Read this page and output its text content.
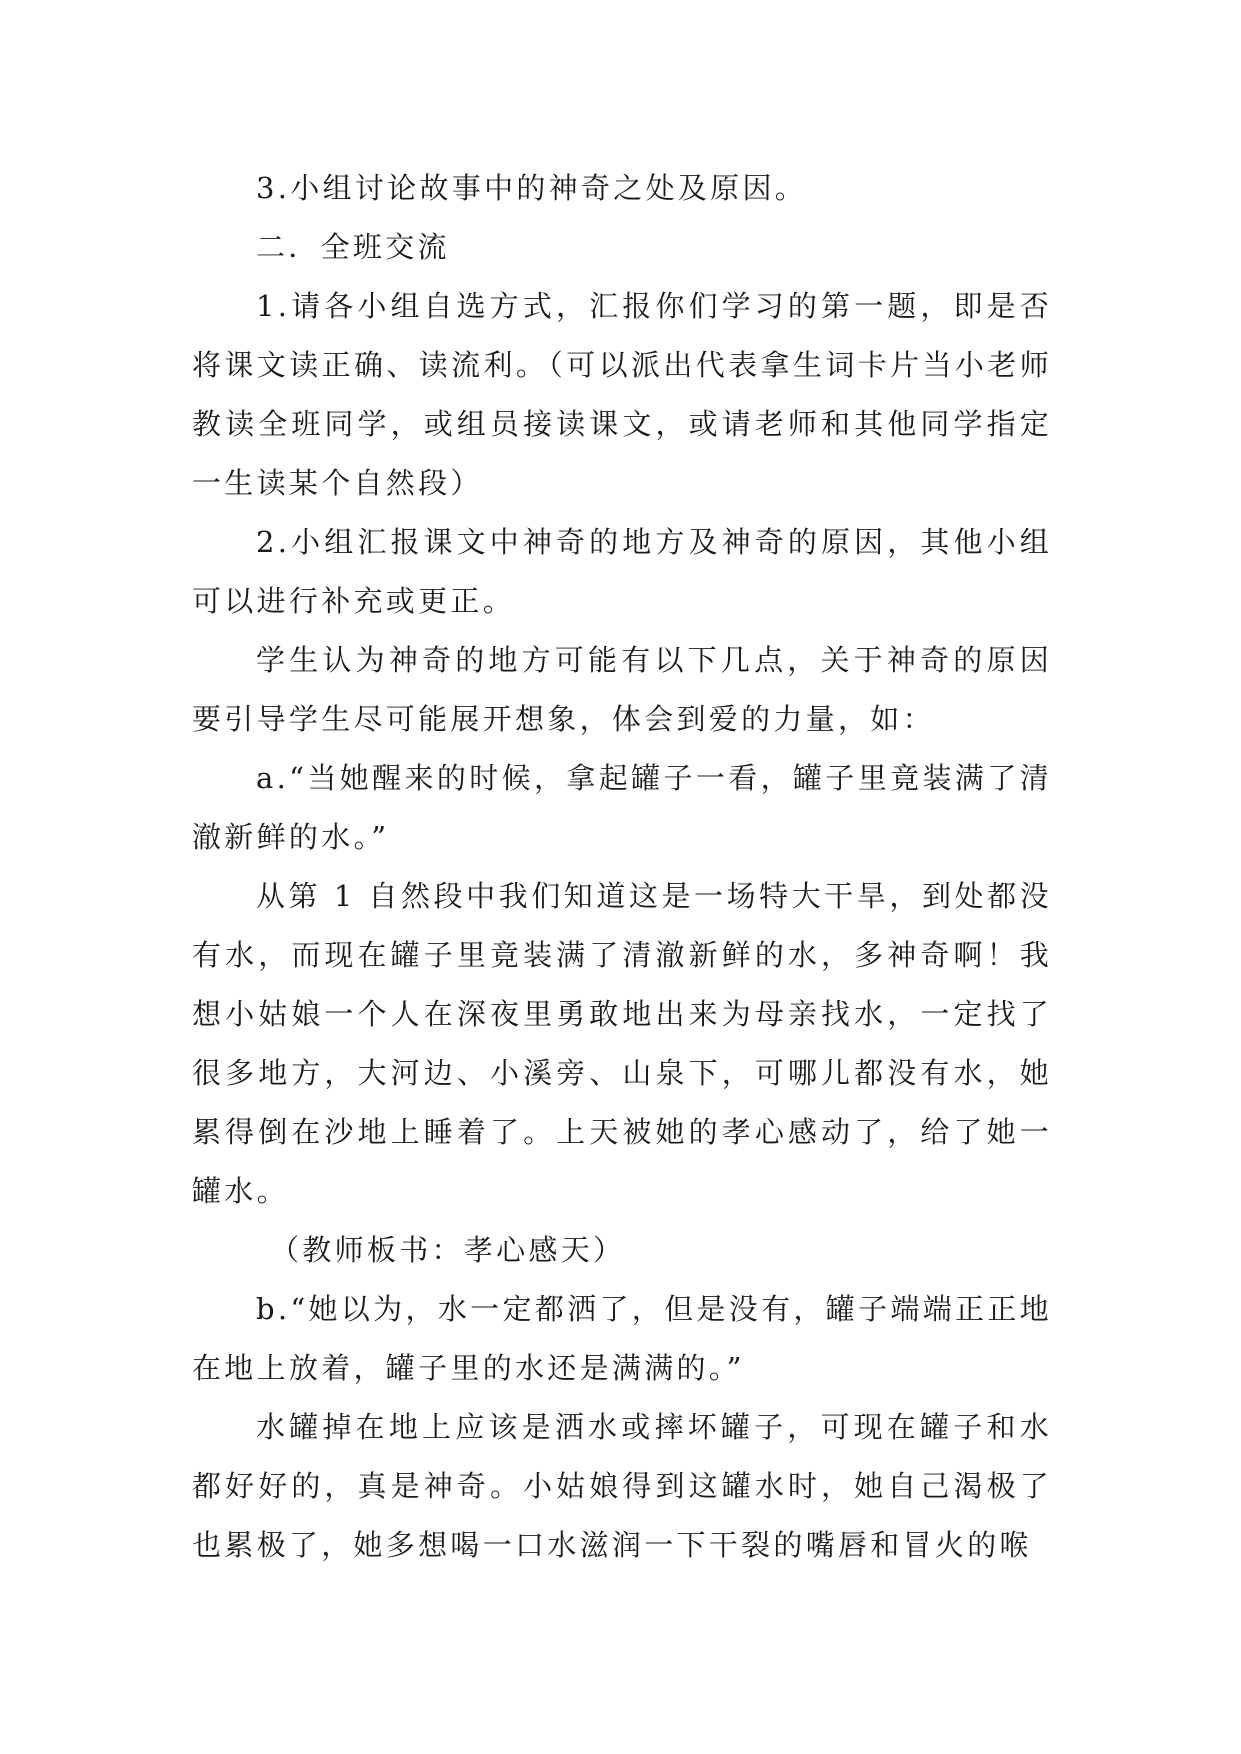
3.小组讨论故事中的神奇之处及原因。

二．全班交流

1.请各小组自选方式，汇报你们学习的第一题，即是否将课文读正确、读流利。（可以派出代表拿生词卡片当小老师教读全班同学，或组员接读课文，或请老师和其他同学指定一生读某个自然段）

2.小组汇报课文中神奇的地方及神奇的原因，其他小组可以进行补充或更正。

学生认为神奇的地方可能有以下几点，关于神奇的原因要引导学生尽可能展开想象，体会到爱的力量，如：

a.“当她醒来的时候，拿起罐子一看，罐子里竟装满了清澈新鲜的水。”

从第 1 自然段中我们知道这是一场特大干旱，到处都没有水，而现在罐子里竟装满了清澈新鲜的水，多神奇啊！我想小姑娘一个人在深夜里勇敢地出来为母亲找水，一定找了很多地方，大河边、小溪旁、山泉下，可哪儿都没有水，她累得倒在沙地上睡着了。上天被她的孝心感动了，给了她一罐水。

（教师板书：孝心感天）

b.“她以为，水一定都洒了，但是没有，罐子端端正正地在地上放着，罐子里的水还是满满的。”

水罐掉在地上应该是洒水或摔坏罐子，可现在罐子和水都好好的，真是神奇。小姑娘得到这罐水时，她自己渴极了也累极了，她多想喝一口水滋润一下干裂的嘴唇和冒火的喉
